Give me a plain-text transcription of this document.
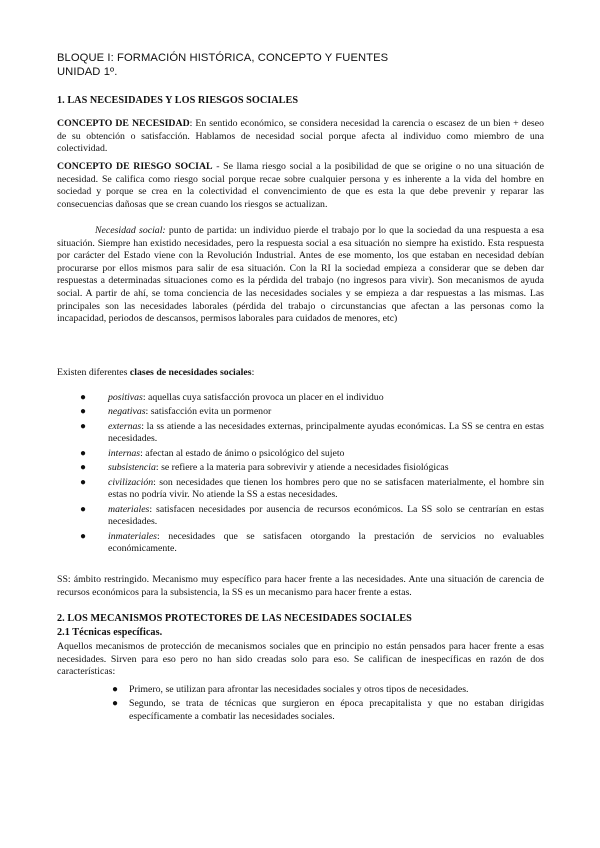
BLOQUE I: FORMACIÓN HISTÓRICA, CONCEPTO Y FUENTES
UNIDAD 1º.
1. LAS NECESIDADES Y LOS RIESGOS SOCIALES

CONCEPTO DE NECESIDAD: En sentido económico, se considera necesidad la carencia o escasez de un bien + deseo de su obtención o satisfacción. Hablamos de necesidad social porque afecta al individuo como miembro de una colectividad.

CONCEPTO DE RIESGO SOCIAL - Se llama riesgo social a la posibilidad de que se origine o no una situación de necesidad. Se califica como riesgo social porque recae sobre cualquier persona y es inherente a la vida del hombre en sociedad y porque se crea en la colectividad el convencimiento de que es esta la que debe prevenir y reparar las consecuencias dañosas que se crean cuando los riesgos se actualizan.

Necesidad social: punto de partida: un individuo pierde el trabajo por lo que la sociedad da una respuesta a esa situación. Siempre han existido necesidades, pero la respuesta social a esa situación no siempre ha existido. Esta respuesta por carácter del Estado viene con la Revolución Industrial. Antes de ese momento, los que estaban en necesidad debían procurarse por ellos mismos para salir de esa situación. Con la RI la sociedad empieza a considerar que se deben dar respuestas a determinadas situaciones como es la pérdida del trabajo (no ingresos para vivir). Son mecanismos de ayuda social. A partir de ahí, se toma conciencia de las necesidades sociales y se empieza a dar respuestas a las mismas. Las principales son las necesidades laborales (pérdida del trabajo o circunstancias que afectan a las personas como la incapacidad, periodos de descansos, permisos laborales para cuidados de menores, etc)

Existen diferentes clases de necesidades sociales:

● positivas: aquellas cuya satisfacción provoca un placer en el individuo
● negativas: satisfacción evita un pormenor
● externas: la ss atiende a las necesidades externas, principalmente ayudas económicas. La SS se centra en estas necesidades.
● internas: afectan al estado de ánimo o psicológico del sujeto
● subsistencia: se refiere a la materia para sobrevivir y atiende a necesidades fisiológicas
● civilización: son necesidades que tienen los hombres pero que no se satisfacen materialmente, el hombre sin estas no podría vivir. No atiende la SS a estas necesidades.
● materiales: satisfacen necesidades por ausencia de recursos económicos. La SS solo se centrarían en estas necesidades.
● inmateriales: necesidades que se satisfacen otorgando la prestación de servicios no evaluables económicamente.

SS: ámbito restringido. Mecanismo muy específico para hacer frente a las necesidades. Ante una situación de carencia de recursos económicos para la subsistencia, la SS es un mecanismo para hacer frente a estas.

2. LOS MECANISMOS PROTECTORES DE LAS NECESIDADES SOCIALES
2.1 Técnicas específicas.

Aquellos mecanismos de protección de mecanismos sociales que en principio no están pensados para hacer frente a esas necesidades. Sirven para eso pero no han sido creadas solo para eso. Se califican de inespecíficas en razón de dos características:

● Primero, se utilizan para afrontar las necesidades sociales y otros tipos de necesidades.
● Segundo, se trata de técnicas que surgieron en época precapitalista y que no estaban dirigidas específicamente a combatir las necesidades sociales.
